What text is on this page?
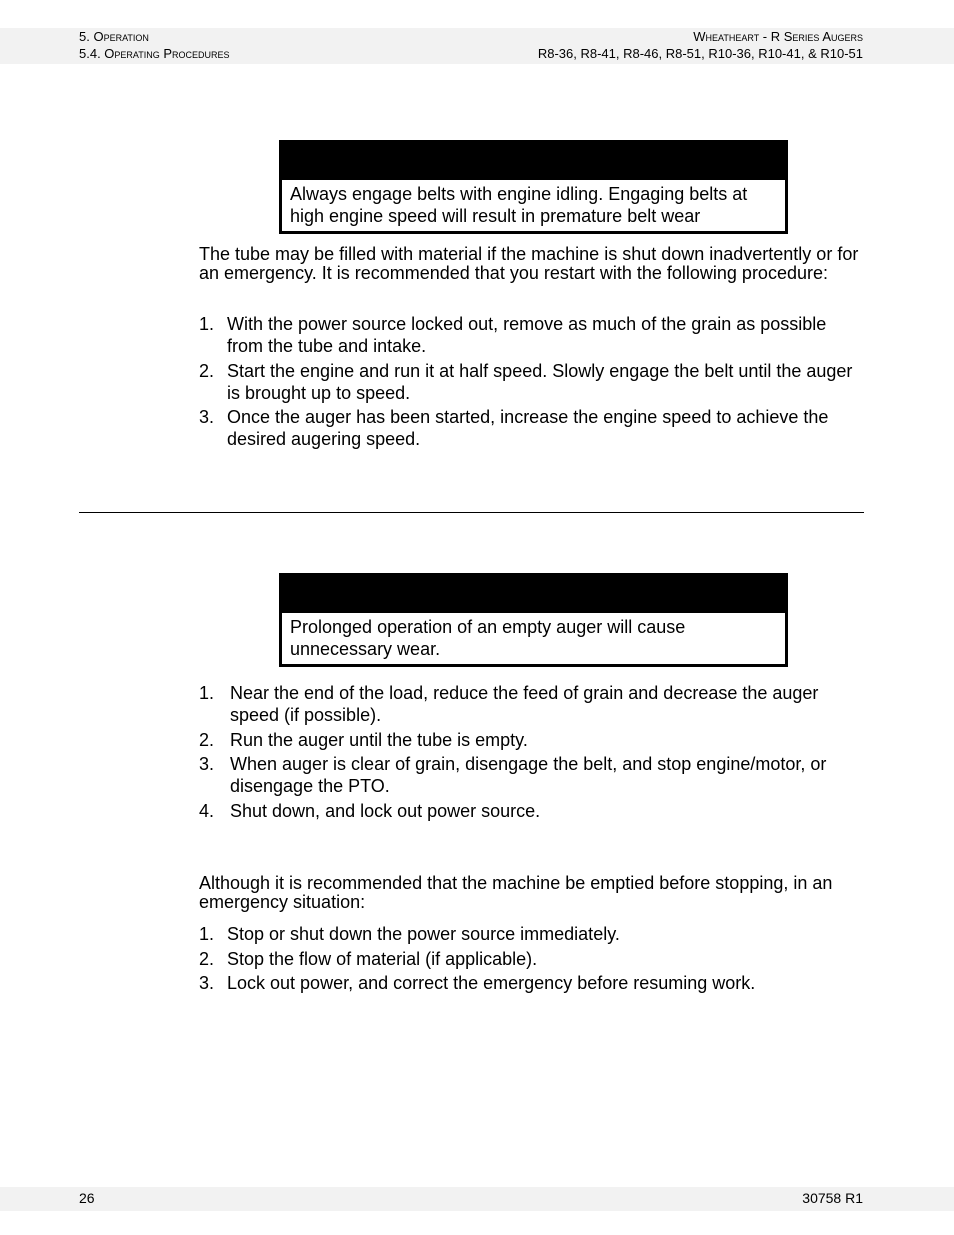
5. Operation
5.4. Operating Procedures
Wheatheart - R Series Augers
R8-36, R8-41, R8-46, R8-51, R10-36, R10-41, & R10-51
Always engage belts with engine idling. Engaging belts at high engine speed will result in premature belt wear
The tube may be filled with material if the machine is shut down inadvertently or for an emergency. It is recommended that you restart with the following procedure:
1. With the power source locked out, remove as much of the grain as possible from the tube and intake.
2. Start the engine and run it at half speed. Slowly engage the belt until the auger is brought up to speed.
3. Once the auger has been started, increase the engine speed to achieve the desired augering speed.
Prolonged operation of an empty auger will cause unnecessary wear.
1. Near the end of the load, reduce the feed of grain and decrease the auger speed (if possible).
2. Run the auger until the tube is empty.
3. When auger is clear of grain, disengage the belt, and stop engine/motor, or disengage the PTO.
4. Shut down, and lock out power source.
Although it is recommended that the machine be emptied before stopping, in an emergency situation:
1. Stop or shut down the power source immediately.
2. Stop the flow of material (if applicable).
3. Lock out power, and correct the emergency before resuming work.
26	30758 R1
